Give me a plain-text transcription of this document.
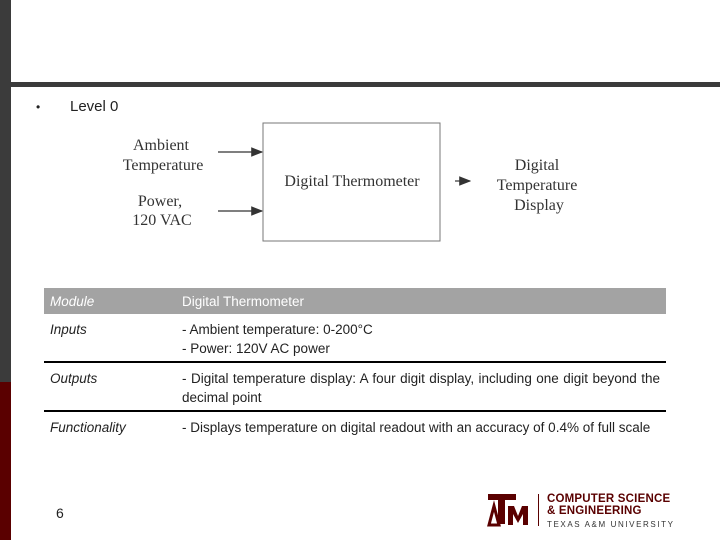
•	Level 0
Ambient Temperature
Power, 120 VAC
Digital Thermometer
Digital Temperature Display
Module	Digital Thermometer
Inputs	- Ambient temperature: 0-200°C
- Power: 120V AC power

Outputs	- Digital temperature display: A four digit display, including one digit beyond the decimal point
Functionality	- Displays temperature on digital readout with an accuracy of 0.4% of full scale
6
COMPUTER SCIENCE
& ENGINEERING
TEXAS A&M UNIVERSITY
